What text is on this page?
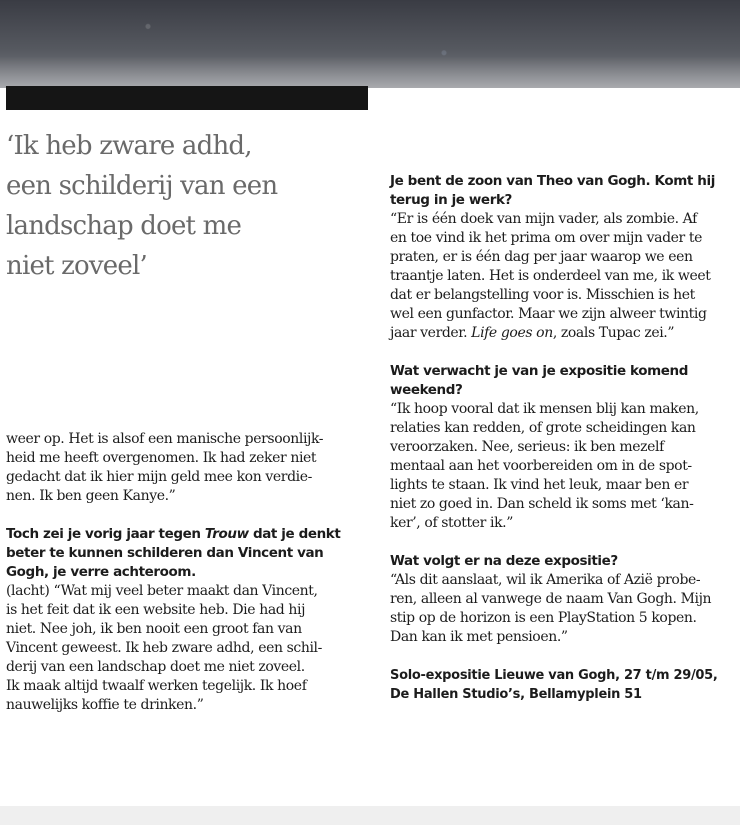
‘Ik heb zware adhd,

een schilderij van een

landschap doet me

niet zoveel’

weer op. Het is alsof een manische persoonlijk-

heid me heeft overgenomen. Ik had zeker niet

gedacht dat ik hier mijn geld mee kon verdie-

nen. Ik ben geen Kanye.”

Toch zei je vorig jaar tegen Trouw dat je denkt

beter te kunnen schilderen dan Vincent van

Gogh, je verre achteroom.

(lacht) “Wat mij veel beter maakt dan Vincent,

is het feit dat ik een website heb. Die had hij

niet. Nee joh, ik ben nooit een groot fan van

Vincent geweest. Ik heb zware adhd, een schil-

derij van een landschap doet me niet zoveel.

Ik maak altijd twaalf werken tegelijk. Ik hoef

nauwelijks koffie te drinken.”

Je bent de zoon van Theo van Gogh. Komt hij

terug in je werk?

“Er is één doek van mijn vader, als zombie. Af

en toe vind ik het prima om over mijn vader te

praten, er is één dag per jaar waarop we een

traantje laten. Het is onderdeel van me, ik weet

dat er belangstelling voor is. Misschien is het

wel een gunfactor. Maar we zijn alweer twintig

jaar verder. Life goes on, zoals Tupac zei.”

Wat verwacht je van je expositie komend

weekend?

“Ik hoop vooral dat ik mensen blij kan maken,

relaties kan redden, of grote scheidingen kan

veroorzaken. Nee, serieus: ik ben mezelf

mentaal aan het voorbereiden om in de spot-

lights te staan. Ik vind het leuk, maar ben er

niet zo goed in. Dan scheld ik soms met ‘kan-

ker’, of stotter ik.”

Wat volgt er na deze expositie?

“Als dit aanslaat, wil ik Amerika of Azië probe-

ren, alleen al vanwege de naam Van Gogh. Mijn

stip op de horizon is een PlayStation 5 kopen.

Dan kan ik met pensioen.”

Solo-expositie Lieuwe van Gogh, 27 t/m 29/05,

De Hallen Studio’s, Bellamyplein 51
